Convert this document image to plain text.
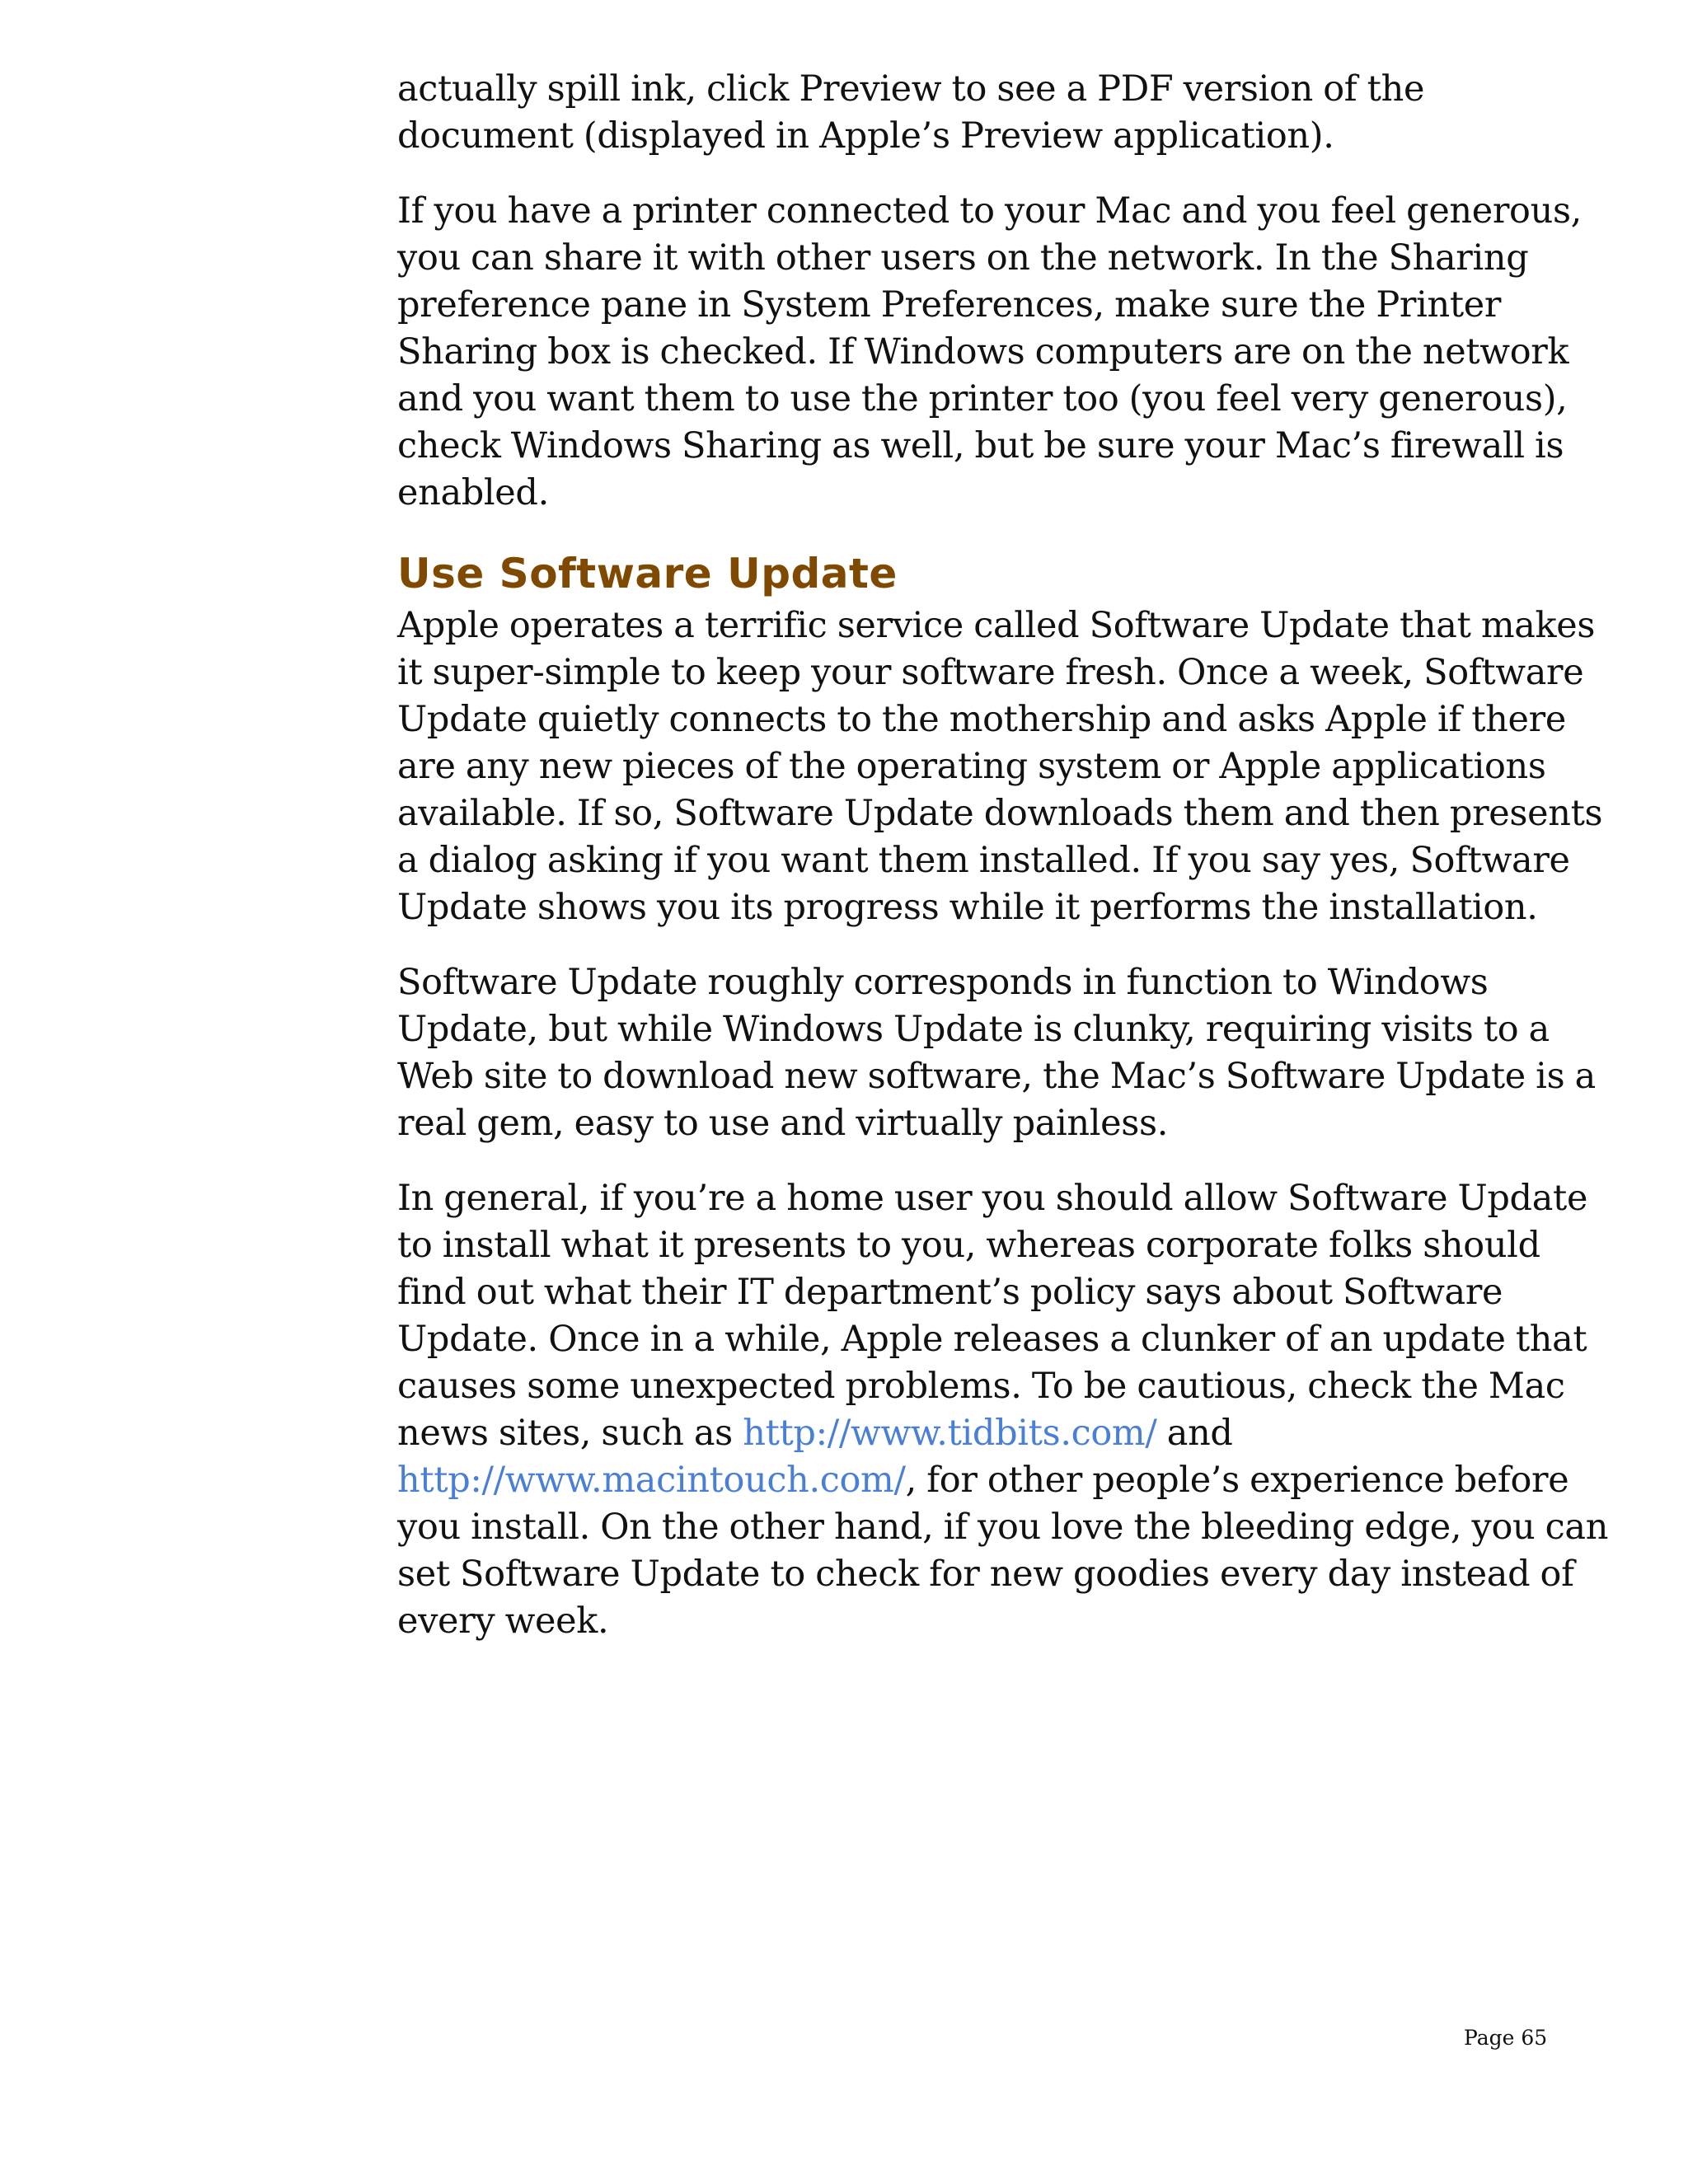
actually spill ink, click Preview to see a PDF version of the document (displayed in Apple’s Preview application).

If you have a printer connected to your Mac and you feel generous, you can share it with other users on the network. In the Sharing preference pane in System Preferences, make sure the Printer Sharing box is checked. If Windows computers are on the network and you want them to use the printer too (you feel very generous), check Windows Sharing as well, but be sure your Mac’s firewall is enabled.

Use Software Update

Apple operates a terrific service called Software Update that makes it super-simple to keep your software fresh. Once a week, Software Update quietly connects to the mothership and asks Apple if there are any new pieces of the operating system or Apple applications available. If so, Software Update downloads them and then presents a dialog asking if you want them installed. If you say yes, Software Update shows you its progress while it performs the installation.

Software Update roughly corresponds in function to Windows Update, but while Windows Update is clunky, requiring visits to a Web site to download new software, the Mac’s Software Update is a real gem, easy to use and virtually painless.

In general, if you’re a home user you should allow Software Update to install what it presents to you, whereas corporate folks should find out what their IT department’s policy says about Software Update. Once in a while, Apple releases a clunker of an update that causes some unexpected problems. To be cautious, check the Mac news sites, such as http://www.tidbits.com/ and http://www.macintouch.com/, for other people’s experience before you install. On the other hand, if you love the bleeding edge, you can set Software Update to check for new goodies every day instead of every week.

Page 65
